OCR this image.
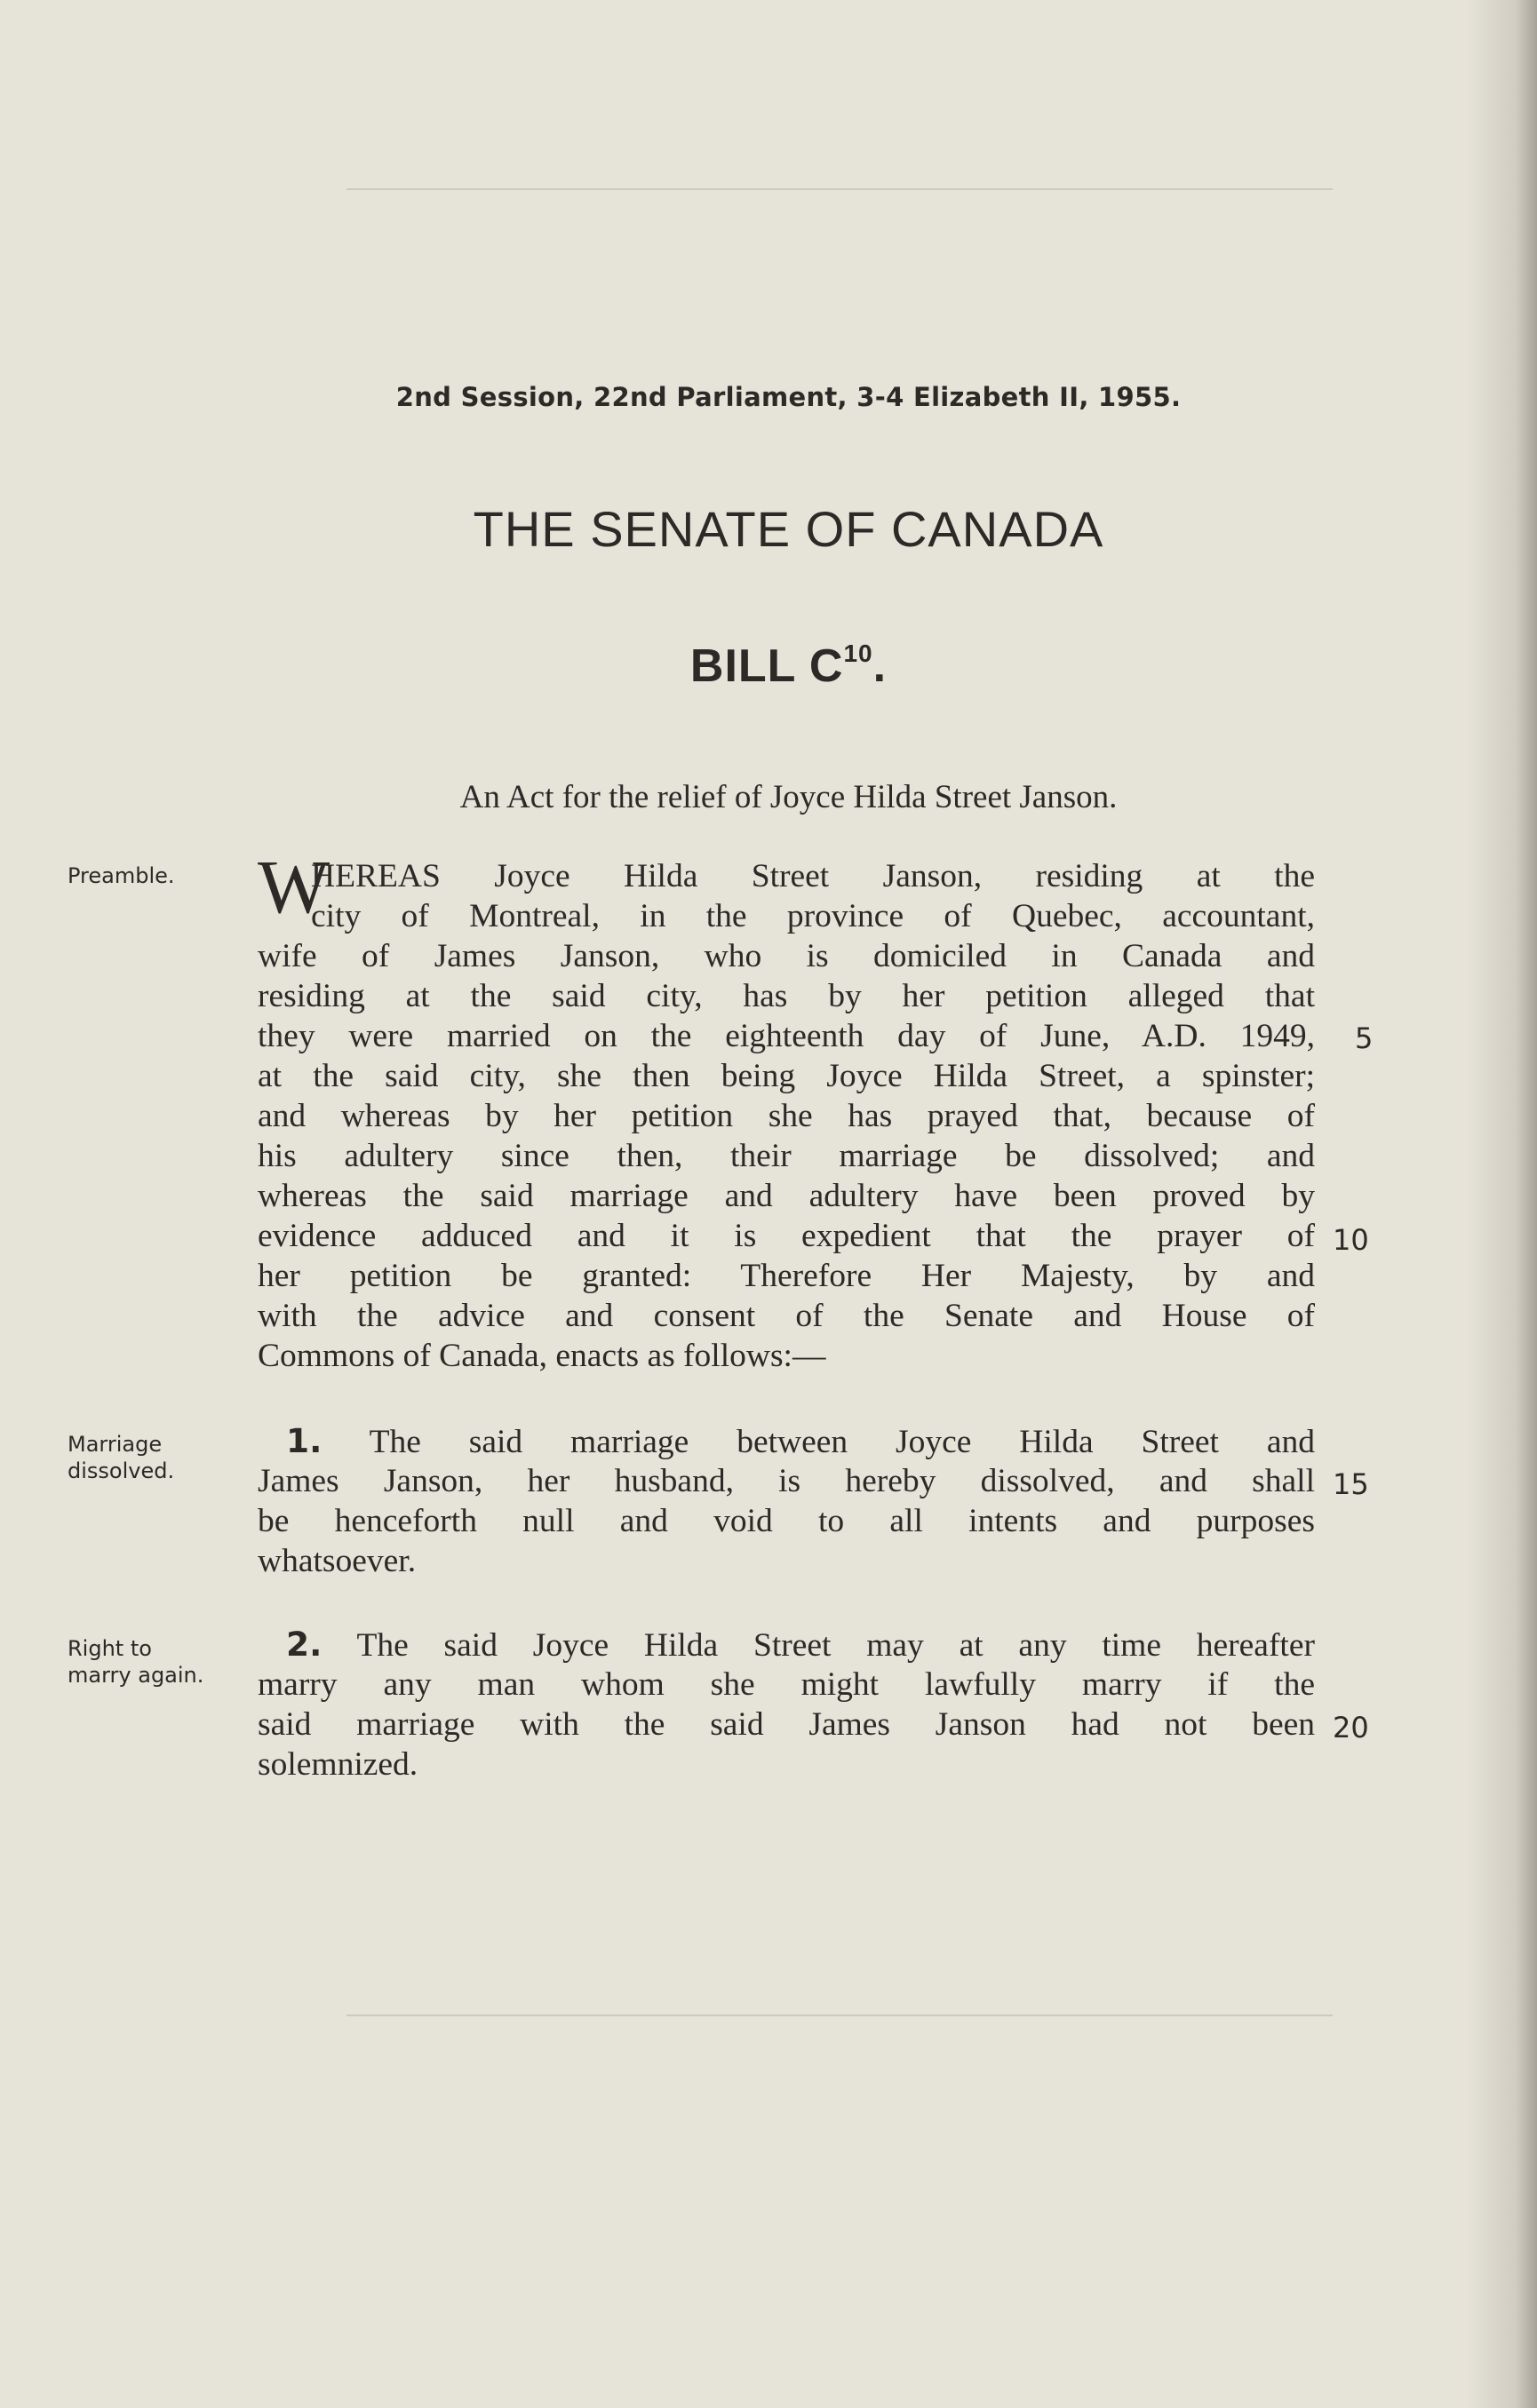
2nd Session, 22nd Parliament, 3-4 Elizabeth II, 1955.
THE SENATE OF CANADA
BILL $C^{10}$.
An Act for the relief of Joyce Hilda Street Janson.
Preamble.
Marriage
dissolved.
Right to
marry again.
W
HEREAS Joyce Hilda Street Janson, residing at the
city of Montreal, in the province of Quebec, accountant,
wife of James Janson, who is domiciled in Canada and
residing at the said city, has by her petition alleged that
they were married on the eighteenth day of June, A.D. 1949,
at the said city, she then being Joyce Hilda Street, a spinster;
and whereas by her petition she has prayed that, because of
his adultery since then, their marriage be dissolved; and
whereas the said marriage and adultery have been proved by
evidence adduced and it is expedient that the prayer of
her petition be granted: Therefore Her Majesty, by and
with the advice and consent of the Senate and House of
Commons of Canada, enacts as follows:—
1. The said marriage between Joyce Hilda Street and
James Janson, her husband, is hereby dissolved, and shall
be henceforth null and void to all intents and purposes
whatsoever.
2. The said Joyce Hilda Street may at any time hereafter
marry any man whom she might lawfully marry if the
said marriage with the said James Janson had not been
solemnized.
5
10
15
20
